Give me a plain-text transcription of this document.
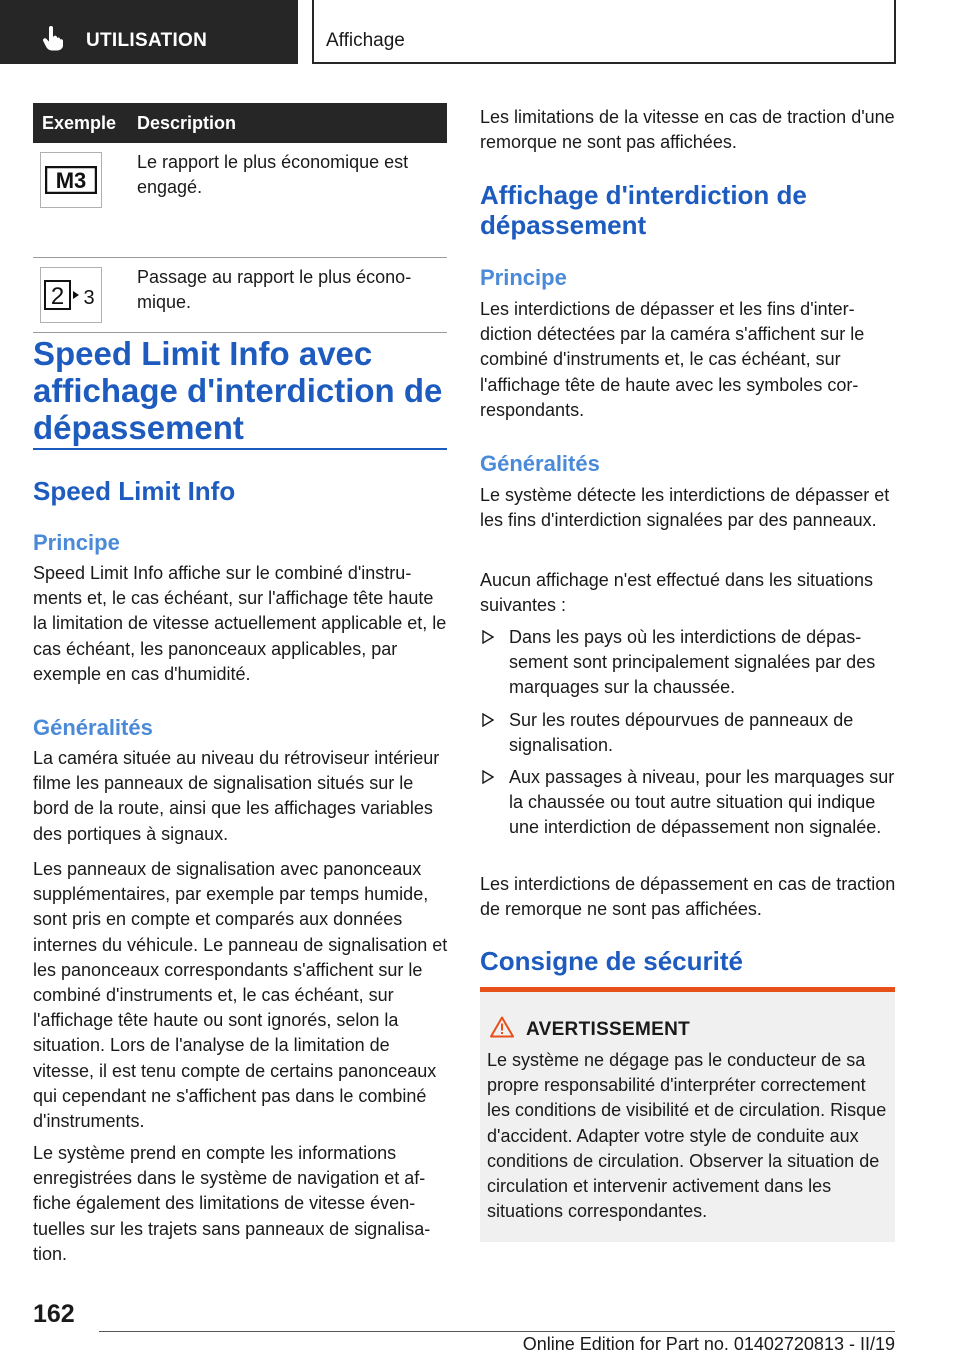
UTILISATION	Affichage
Exemple	Description
M3
Le rapport le plus économique est engagé.
2 3
Passage au rapport le plus économique.
Speed Limit Info avec affichage d'interdiction de dépassement
Speed Limit Info
Principe

Speed Limit Info affiche sur le combiné d'instruments et, le cas échéant, sur l'affichage tête haute la limitation de vitesse actuellement applicable et, le cas échéant, les panonceaux applicables, par exemple en cas d'humidité.

Généralités

La caméra située au niveau du rétroviseur intérieur filme les panneaux de signalisation situés sur le bord de la route, ainsi que les affichages variables des portiques à signaux.

Les panneaux de signalisation avec panonceaux supplémentaires, par exemple par temps humide, sont pris en compte et comparés aux données internes du véhicule. Le panneau de signalisation et les panonceaux correspondants s'affichent sur le combiné d'instruments et, le cas échéant, sur l'affichage tête haute ou sont ignorés, selon la situation. Lors de l'analyse de la limitation de vitesse, il est tenu compte de certains panonceaux qui cependant ne s'affichent pas dans le combiné d'instruments.

Le système prend en compte les informations enregistrées dans le système de navigation et affiche également des limitations de vitesse éventuelles sur les trajets sans panneaux de signalisation.

Les limitations de la vitesse en cas de traction d'une remorque ne sont pas affichées.

Affichage d'interdiction de dépassement
Principe

Les interdictions de dépasser et les fins d'interdiction détectées par la caméra s'affichent sur le combiné d'instruments et, le cas échéant, sur l'affichage tête de haute avec les symboles correspondants.

Généralités

Le système détecte les interdictions de dépasser et les fins d'interdiction signalées par des panneaux.

Aucun affichage n'est effectué dans les situations suivantes :

Dans les pays où les interdictions de dépassement sont principalement signalées par des marquages sur la chaussée.
Sur les routes dépourvues de panneaux de signalisation.
Aux passages à niveau, pour les marquages sur la chaussée ou tout autre situation qui indique une interdiction de dépassement non signalée.

Les interdictions de dépassement en cas de traction de remorque ne sont pas affichées.

Consigne de sécurité
AVERTISSEMENT

Le système ne dégage pas le conducteur de sa propre responsabilité d'interpréter correctement les conditions de visibilité et de circulation. Risque d'accident. Adapter votre style de conduite aux conditions de circulation. Observer la situation de circulation et intervenir activement dans les situations correspondantes.

162
Online Edition for Part no. 01402720813 - II/19
